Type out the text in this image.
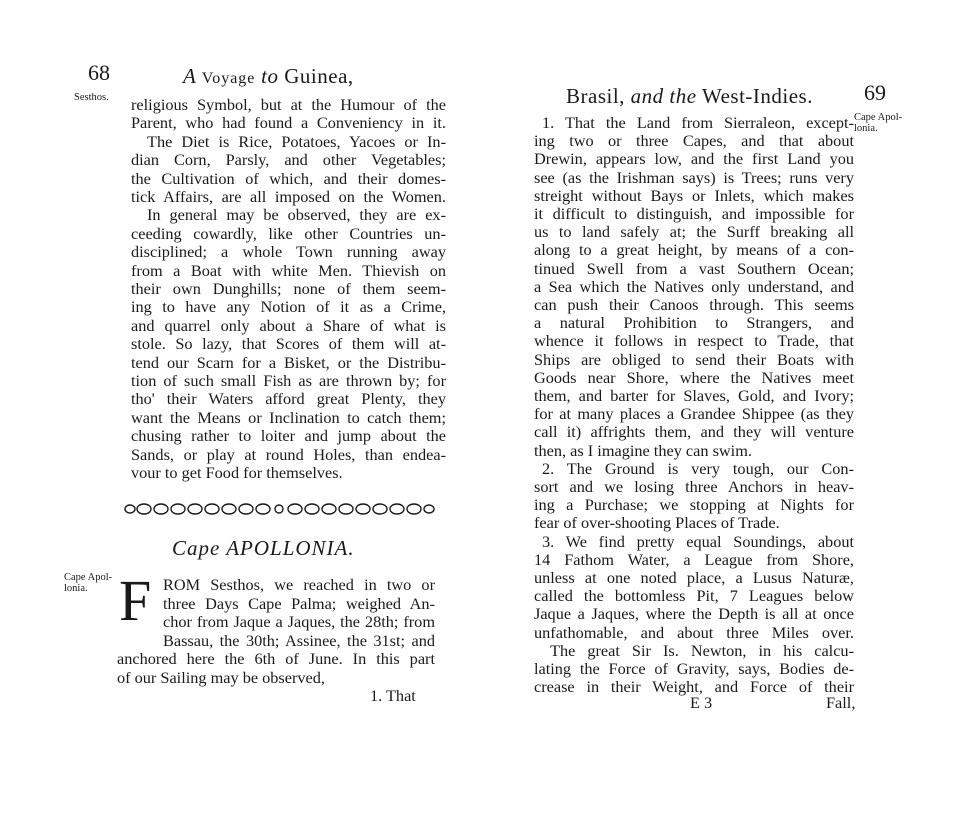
68	A Voyage to Guinea,
Sesthos. religious Symbol, but at the Humour of the
Parent, who had found a Conveniency in it.
The Diet is Rice, Potatoes, Yacoes or In-
dian Corn, Parsly, and other Vegetables;
the Cultivation of which, and their domes-
tick Affairs, are all imposed on the Women.
In general may be observed, they are ex-
ceeding cowardly, like other Countries un-
disciplined; a whole Town running away
from a Boat with white Men. Thievish on
their own Dunghills; none of them seem-
ing to have any Notion of it as a Crime,
and quarrel only about a Share of what is
stole. So lazy, that Scores of them will at-
tend our Scarn for a Bisket, or the Distribu-
tion of such small Fish as are thrown by; for
tho' their Waters afford great Plenty, they
want the Means or Inclination to catch them;
chusing rather to loiter and jump about the
Sands, or play at round Holes, than endea-
vour to get Food for themselves.
Cape APOLLONIA.
Cape Apol-lonia. F ROM Sesthos, we reached in two or
three Days Cape Palma; weighed An-
chor from Jaque a Jaques, the 28th; from
Bassau, the 30th; Assinee, the 31st; and
anchored here the 6th of June. In this part
of our Sailing may be observed,
1. That
Brasil, and the West-Indies. 69
Cape Apol-lonia.
1. That the Land from Sierraleon, except-
ing two or three Capes, and that about
Drewin, appears low, and the first Land you
see (as the Irishman says) is Trees; runs very
streight without Bays or Inlets, which makes
it difficult to distinguish, and impossible for
us to land safely at; the Surff breaking all
along to a great height, by means of a con-
tinued Swell from a vast Southern Ocean;
a Sea which the Natives only understand, and
can push their Canoos through. This seems
a natural Prohibition to Strangers, and
whence it follows in respect to Trade, that
Ships are obliged to send their Boats with
Goods near Shore, where the Natives meet
them, and barter for Slaves, Gold, and Ivory;
for at many places a Grandee Shippee (as they
call it) affrights them, and they will venture
then, as I imagine they can swim.
2. The Ground is very tough, our Con-
sort and we losing three Anchors in heav-
ing a Purchase; we stopping at Nights for
fear of over-shooting Places of Trade.
3. We find pretty equal Soundings, about
14 Fathom Water, a League from Shore,
unless at one noted place, a Lusus Naturæ,
called the bottomless Pit, 7 Leagues below
Jaque a Jaques, where the Depth is all at once
unfathomable, and about three Miles over.
The great Sir Is. Newton, in his calcu-
lating the Force of Gravity, says, Bodies de-
crease in their Weight, and Force of their
E 3	Fall,
